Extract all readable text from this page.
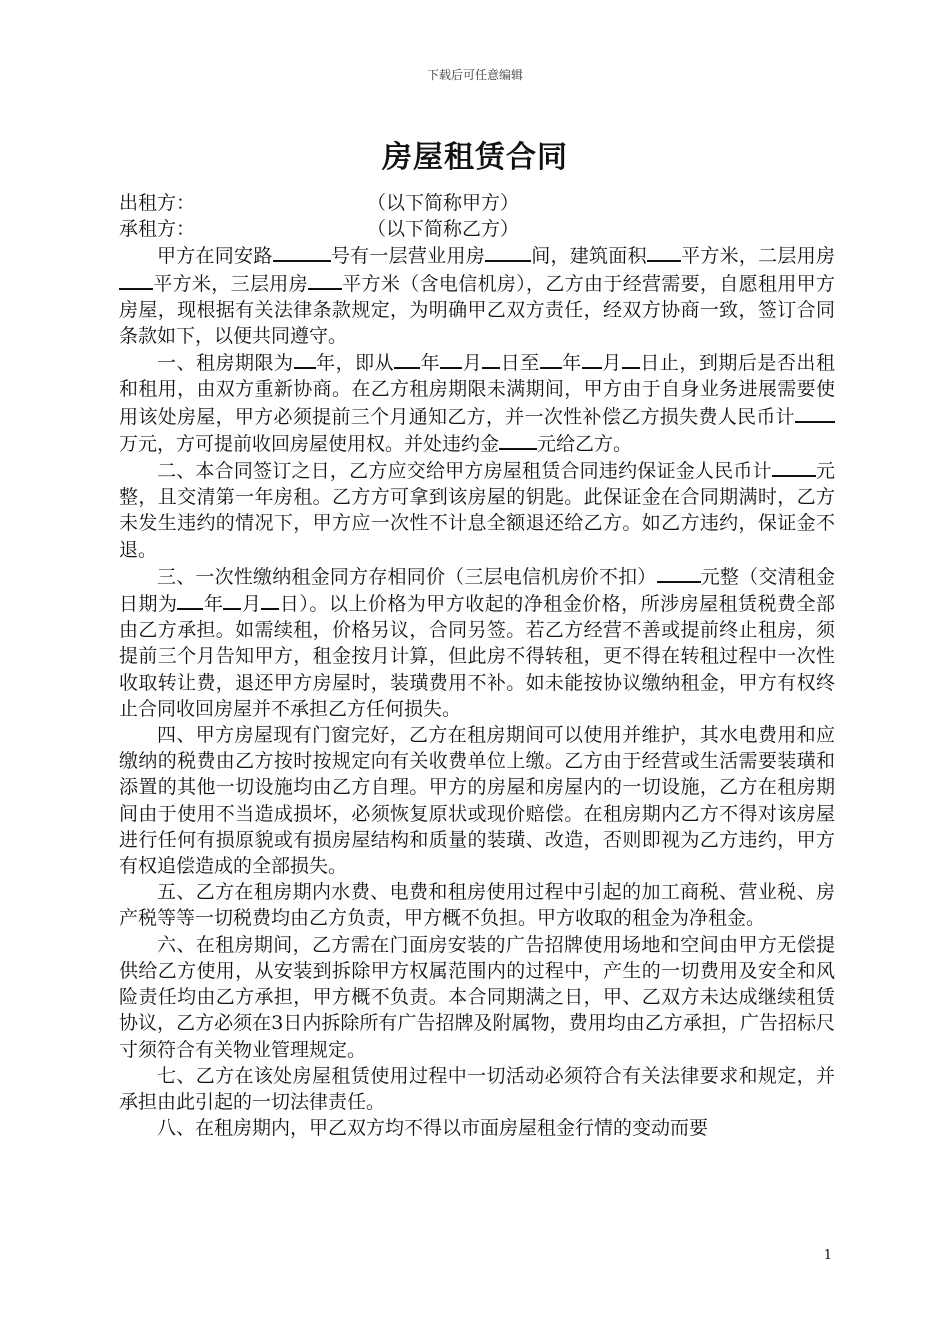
下载后可任意编辑
房屋租赁合同

出租方：	（以下简称甲方）

承租方：	（以下简称乙方）

甲方在同安路	号有一层营业用房 间，建筑面积 平方米，二层用房平方米，三层用房 平方米（含电信机房），乙方由于经营需要，自愿租用甲方房屋，现根据有关法律条款规定，为明确甲乙双方责任，经双方协商一致，签订合同条款如下，以便共同遵守。

一、租房期限为 年，即从 年 月 日至 年 月 日止，到期后是否出租和租用，由双方重新协商。在乙方租房期限未满期间，甲方由于自身业务进展需要使用该处房屋，甲方必须提前三个月通知乙方，并一次性补偿乙方损失费人民币计万元，方可提前收回房屋使用权。并处违约金 元给乙方。

二、本合同签订之日，乙方应交给甲方房屋租赁合同违约保证金人民币计 元整，且交清第一年房租。乙方方可拿到该房屋的钥匙。此保证金在合同期满时，乙方未发生违约的情况下，甲方应一次性不计息全额退还给乙方。如乙方违约，保证金不退。

三、一次性缴纳租金同方存相同价（三层电信机房价不扣） 元整（交清租金日期为 年 月 日）。以上价格为甲方收起的净租金价格，所涉房屋租赁税费全部由乙方承担。如需续租，价格另议，合同另签。若乙方经营不善或提前终止租房，须提前三个月告知甲方，租金按月计算，但此房不得转租，更不得在转租过程中一次性收取转让费，退还甲方房屋时，装璜费用不补。如未能按协议缴纳租金，甲方有权终止合同收回房屋并不承担乙方任何损失。

四、甲方房屋现有门窗完好，乙方在租房期间可以使用并维护，其水电费用和应缴纳的税费由乙方按时按规定向有关收费单位上缴。乙方由于经营或生活需要装璜和添置的其他一切设施均由乙方自理。甲方的房屋和房屋内的一切设施，乙方在租房期间由于使用不当造成损坏，必须恢复原状或现价赔偿。在租房期内乙方不得对该房屋进行任何有损原貌或有损房屋结构和质量的装璜、改造，否则即视为乙方违约，甲方有权追偿造成的全部损失。

五、乙方在租房期内水费、电费和租房使用过程中引起的加工商税、营业税、房产税等等一切税费均由乙方负责，甲方概不负担。甲方收取的租金为净租金。

六、在租房期间，乙方需在门面房安装的广告招牌使用场地和空间由甲方无偿提供给乙方使用，从安装到拆除甲方权属范围内的过程中，产生的一切费用及安全和风险责任均由乙方承担，甲方概不负责。本合同期满之日，甲、乙双方未达成继续租赁协议，乙方必须在3日内拆除所有广告招牌及附属物，费用均由乙方承担，广告招标尺寸须符合有关物业管理规定。

七、乙方在该处房屋租赁使用过程中一切活动必须符合有关法律要求和规定，并承担由此引起的一切法律责任。

八、在租房期内，甲乙双方均不得以市面房屋租金行情的变动而要

1
